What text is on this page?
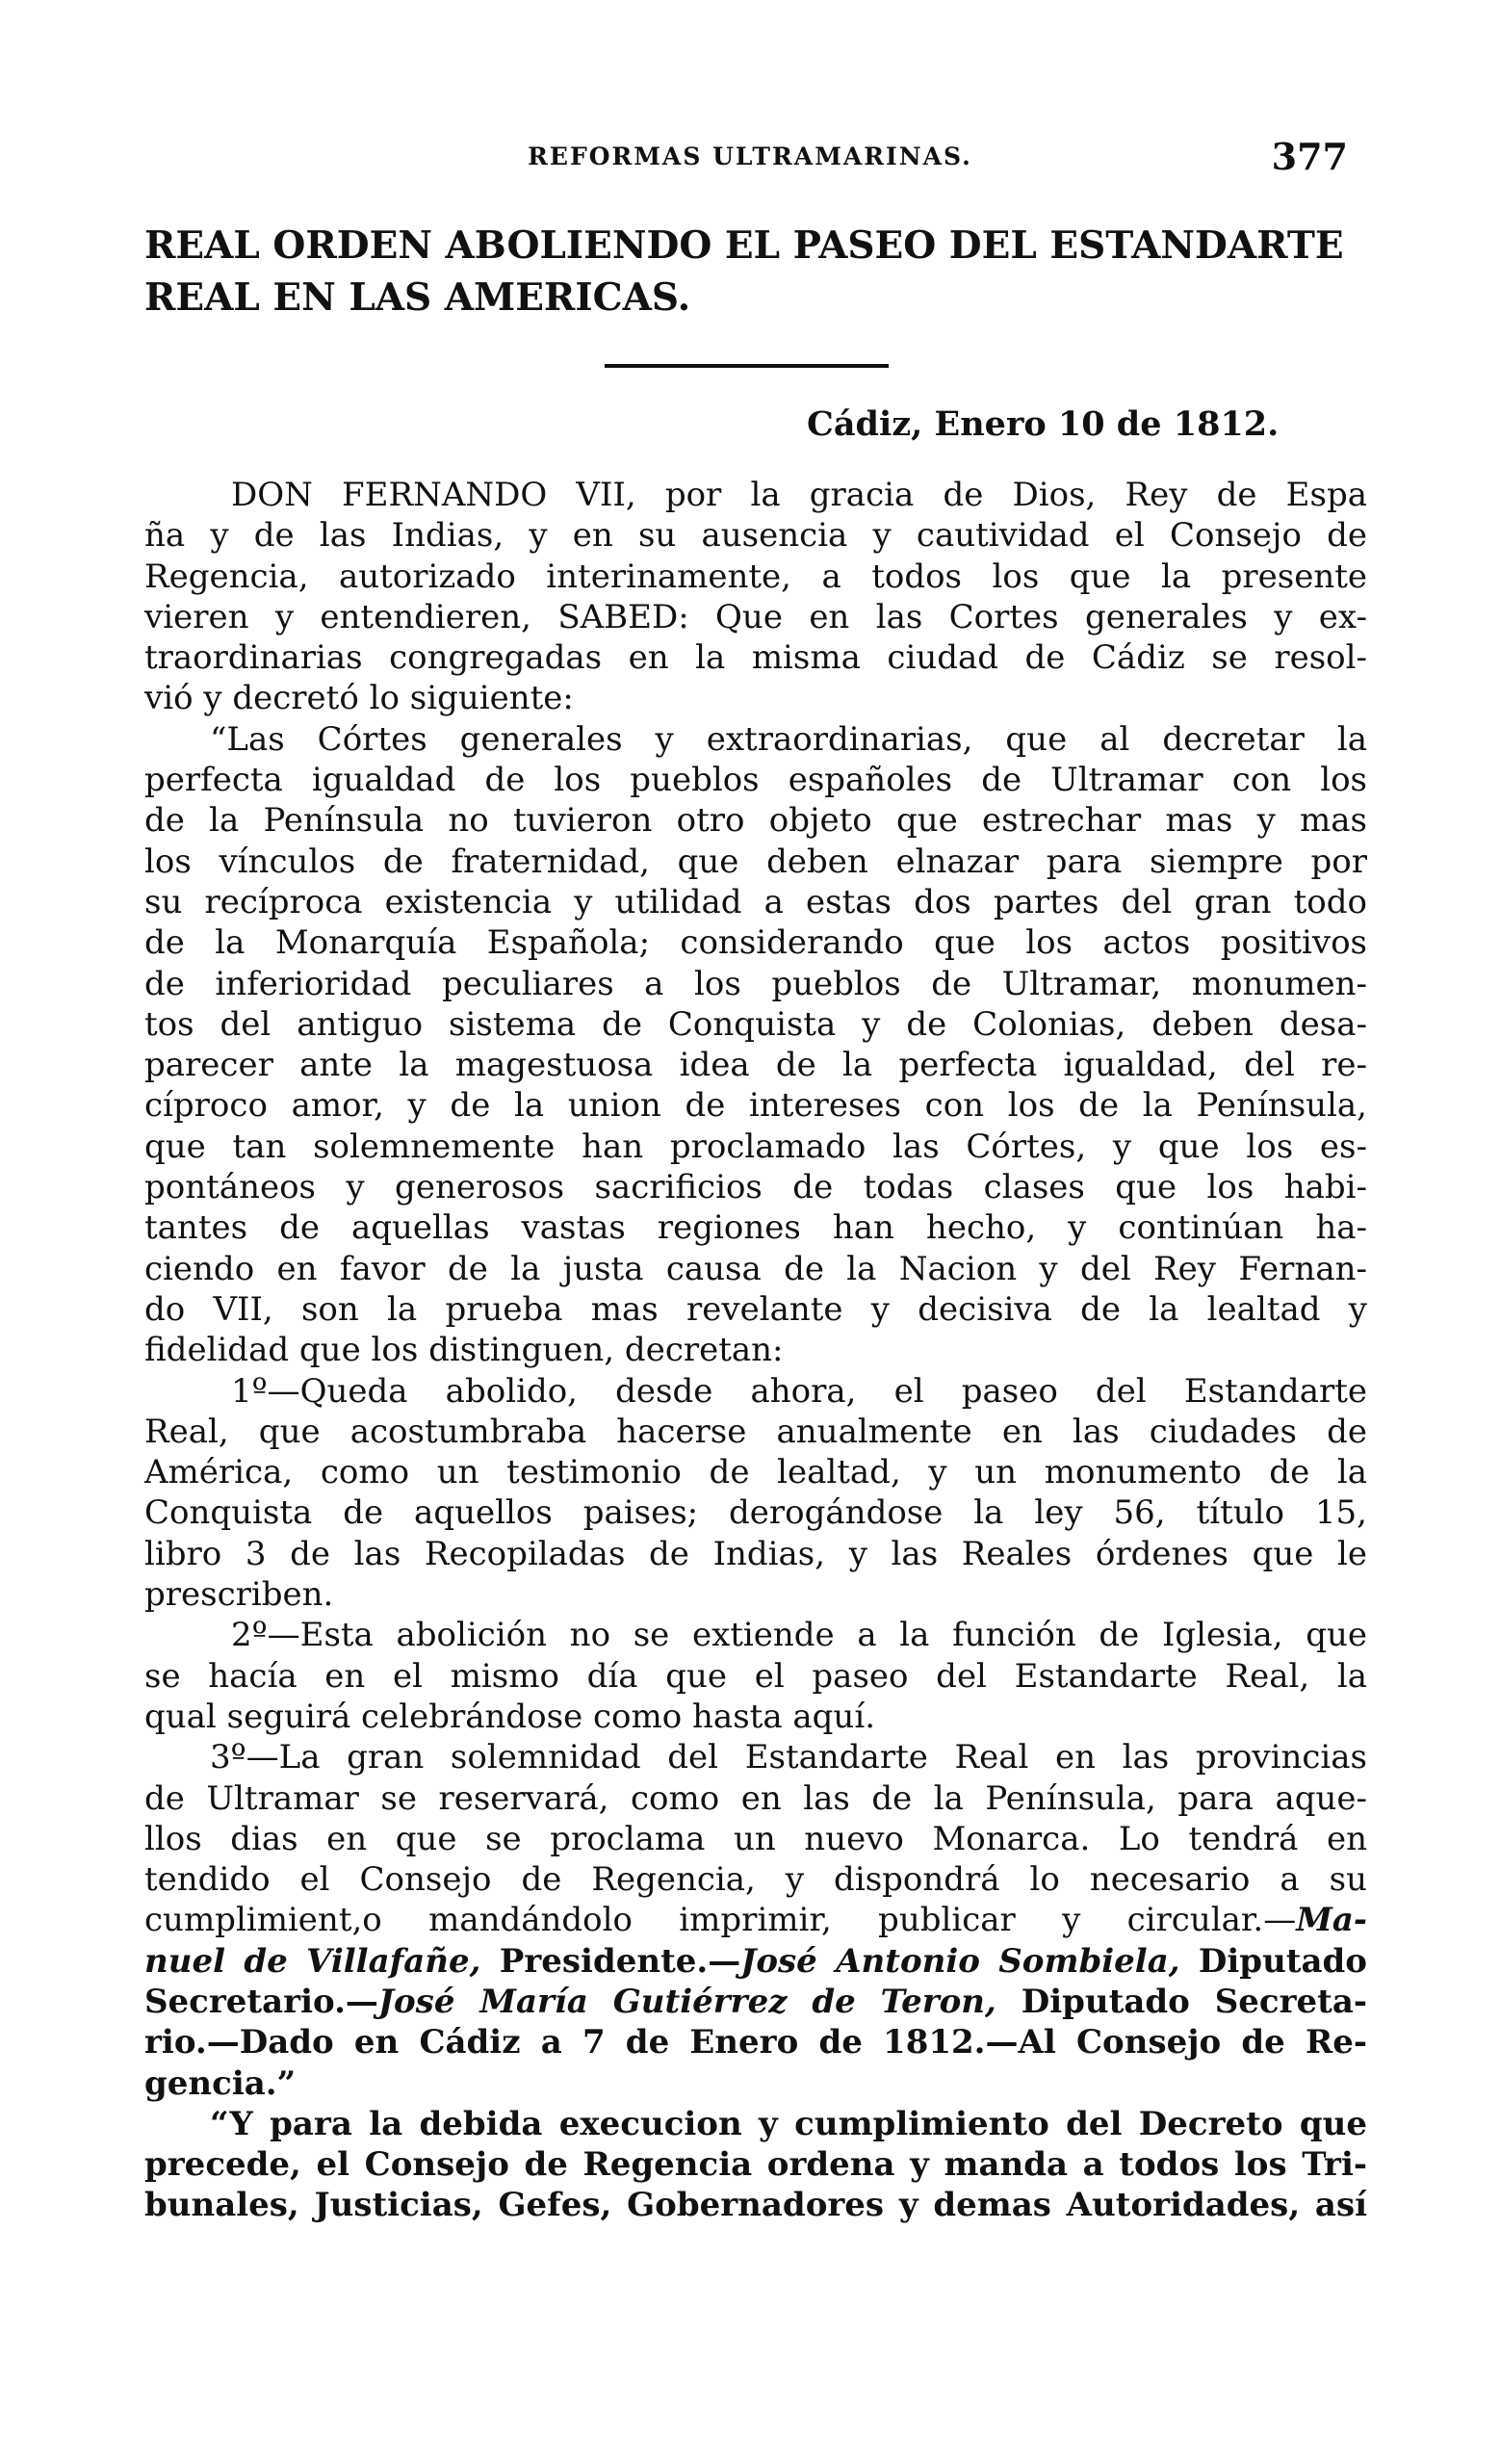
REFORMAS ULTRAMARINAS.	377
REAL ORDEN ABOLIENDO EL PASEO DEL ESTANDARTE
REAL EN LAS AMERICAS.
Cádiz, Enero 10 de 1812.
DON FERNANDO VII, por la gracia de Dios, Rey de Espa
ña y de las Indias, y en su ausencia y cautividad el Consejo de
Regencia, autorizado interinamente, a todos los que la presente
vieren y entendieren, SABED: Que en las Cortes generales y ex-
traordinarias congregadas en la misma ciudad de Cádiz se resol-
vió y decretó lo siguiente:
“Las Córtes generales y extraordinarias, que al decretar la
perfecta igualdad de los pueblos españoles de Ultramar con los
de la Península no tuvieron otro objeto que estrechar mas y mas
los vínculos de fraternidad, que deben elnazar para siempre por
su recíproca existencia y utilidad a estas dos partes del gran todo
de la Monarquía Española; considerando que los actos positivos
de inferioridad peculiares a los pueblos de Ultramar, monumen-
tos del antiguo sistema de Conquista y de Colonias, deben desa-
parecer ante la magestuosa idea de la perfecta igualdad, del re-
cíproco amor, y de la union de intereses con los de la Península,
que tan solemnemente han proclamado las Córtes, y que los es-
pontáneos y generosos sacrificios de todas clases que los habi-
tantes de aquellas vastas regiones han hecho, y continúan ha-
ciendo en favor de la justa causa de la Nacion y del Rey Fernan-
do VII, son la prueba mas revelante y decisiva de la lealtad y
fidelidad que los distinguen, decretan:
1º—Queda abolido, desde ahora, el paseo del Estandarte
Real, que acostumbraba hacerse anualmente en las ciudades de
América, como un testimonio de lealtad, y un monumento de la
Conquista de aquellos paises; derogándose la ley 56, título 15,
libro 3 de las Recopiladas de Indias, y las Reales órdenes que le
prescriben.
2º—Esta abolición no se extiende a la función de Iglesia, que
se hacía en el mismo día que el paseo del Estandarte Real, la
qual seguirá celebrándose como hasta aquí.
3º—La gran solemnidad del Estandarte Real en las provincias
de Ultramar se reservará, como en las de la Península, para aque-
llos dias en que se proclama un nuevo Monarca. Lo tendrá en
tendido el Consejo de Regencia, y dispondrá lo necesario a su
cumplimient,o mandándolo imprimir, publicar y circular.—Ma-
nuel de Villafañe, Presidente.—José Antonio Sombiela, Diputado
Secretario.—José María Gutiérrez de Teron, Diputado Secreta-
rio.—Dado en Cádiz a 7 de Enero de 1812.—Al Consejo de Re-
gencia.”
“Y para la debida execucion y cumplimiento del Decreto que
precede, el Consejo de Regencia ordena y manda a todos los Tri-
bunales, Justicias, Gefes, Gobernadores y demas Autoridades, así
